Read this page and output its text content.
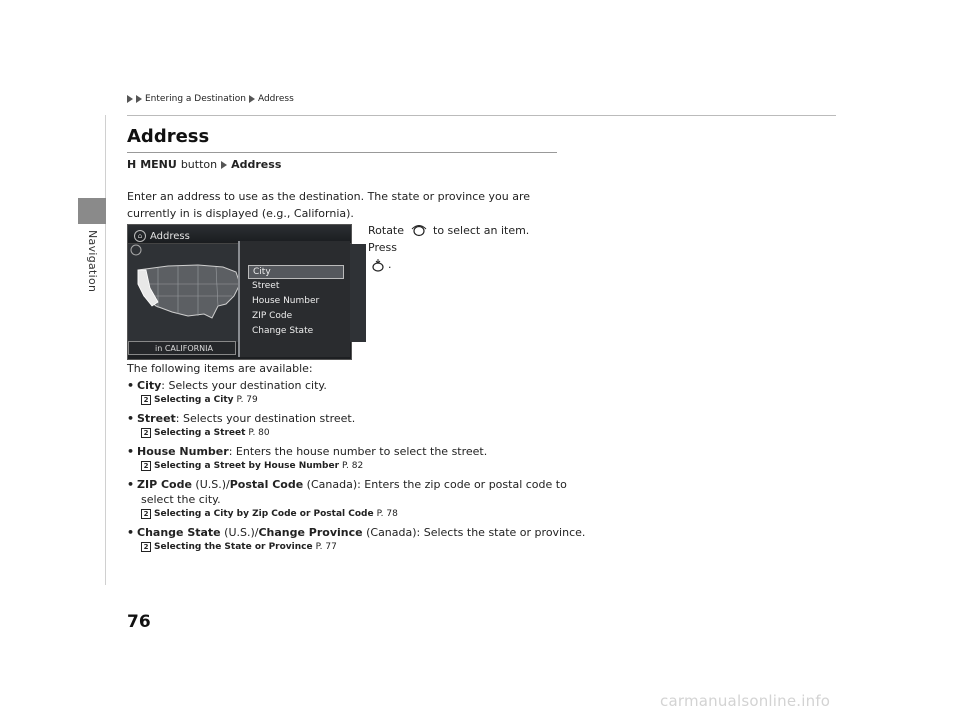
Navigation
Entering a Destination Address
Address
H MENU button Address

Enter an address to use as the destination. The state or province you are currently in is displayed (e.g., California).

⌂ Address
City
Street
House Number
ZIP Code
Change State
in CALIFORNIA

Rotate	to select an item. Press
.

The following items are available:

• City: Selects your destination city.

2 Selecting a City P. 79

• Street: Selects your destination street.

2 Selecting a Street P. 80

• House Number: Enters the house number to select the street.

2 Selecting a Street by House Number P. 82

• ZIP Code (U.S.)/Postal Code (Canada): Enters the zip code or postal code to

select the city.

2 Selecting a City by Zip Code or Postal Code P. 78

• Change State (U.S.)/Change Province (Canada): Selects the state or province.

2 Selecting the State or Province P. 77

76
carmanualsonline.info
